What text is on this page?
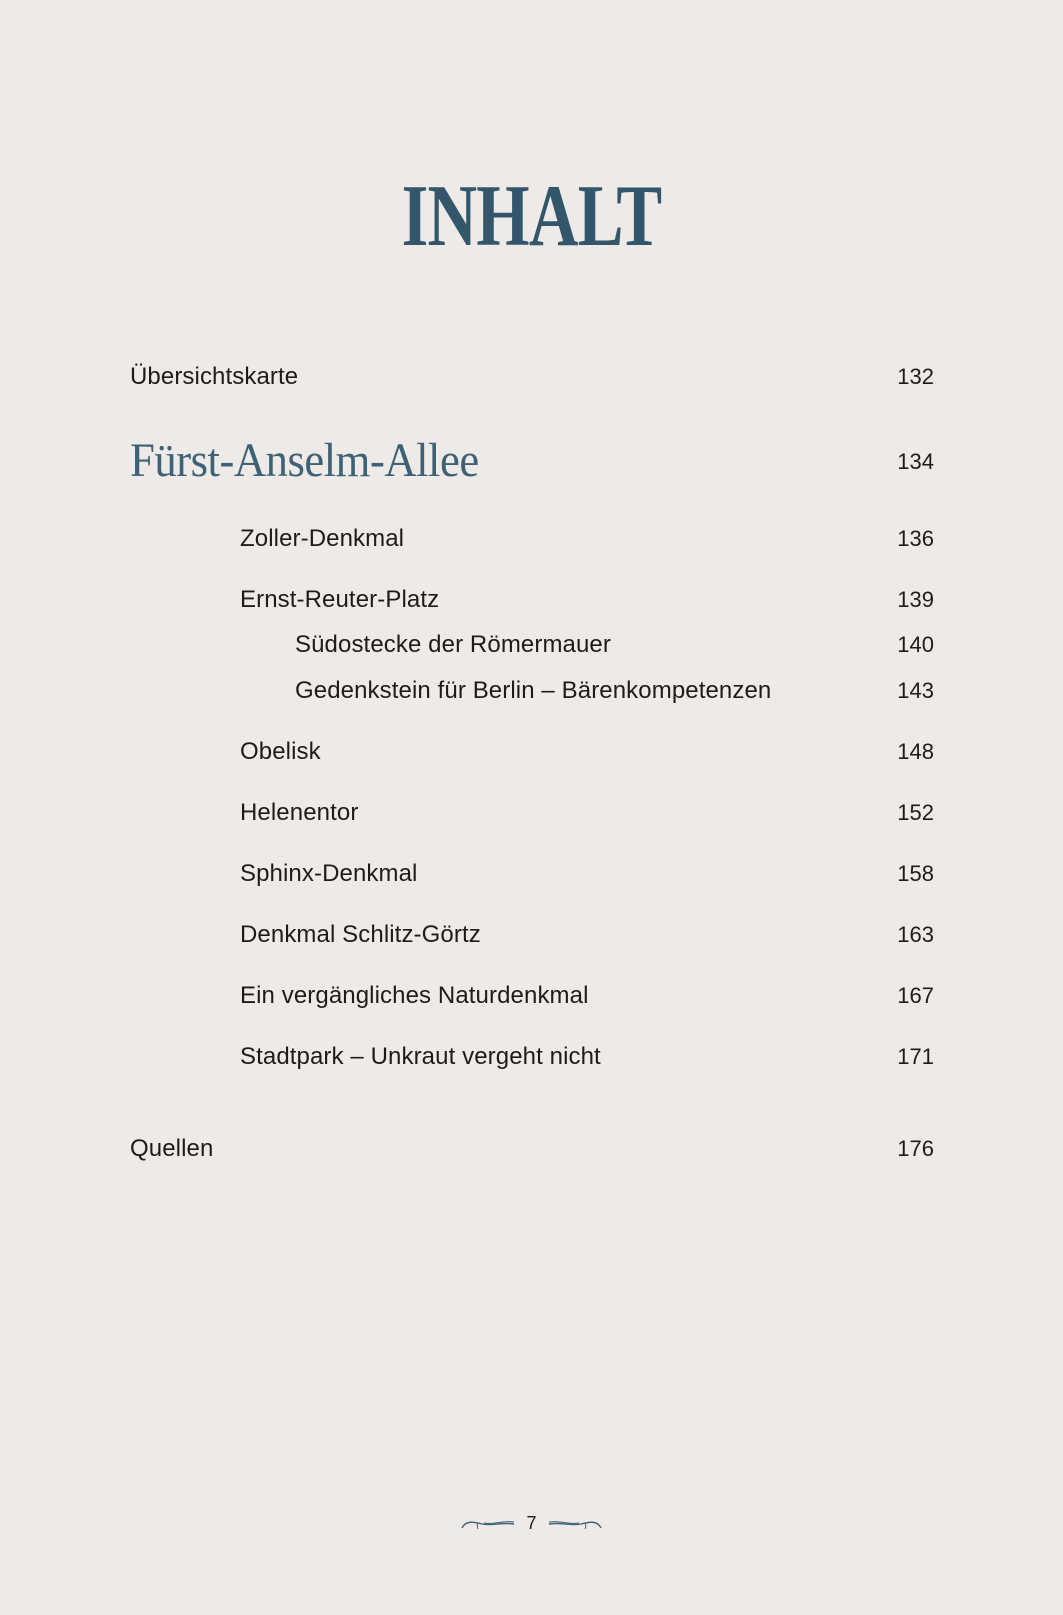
INHALT
Übersichtskarte	132
Fürst-Anselm-Allee	134
Zoller-Denkmal	136
Ernst-Reuter-Platz	139
Südostecke der Römermauer	140
Gedenkstein für Berlin – Bärenkompetenzen	143
Obelisk	148
Helenentor	152
Sphinx-Denkmal	158
Denkmal Schlitz-Görtz	163
Ein vergängliches Naturdenkmal	167
Stadtpark – Unkraut vergeht nicht	171
Quellen	176
7
